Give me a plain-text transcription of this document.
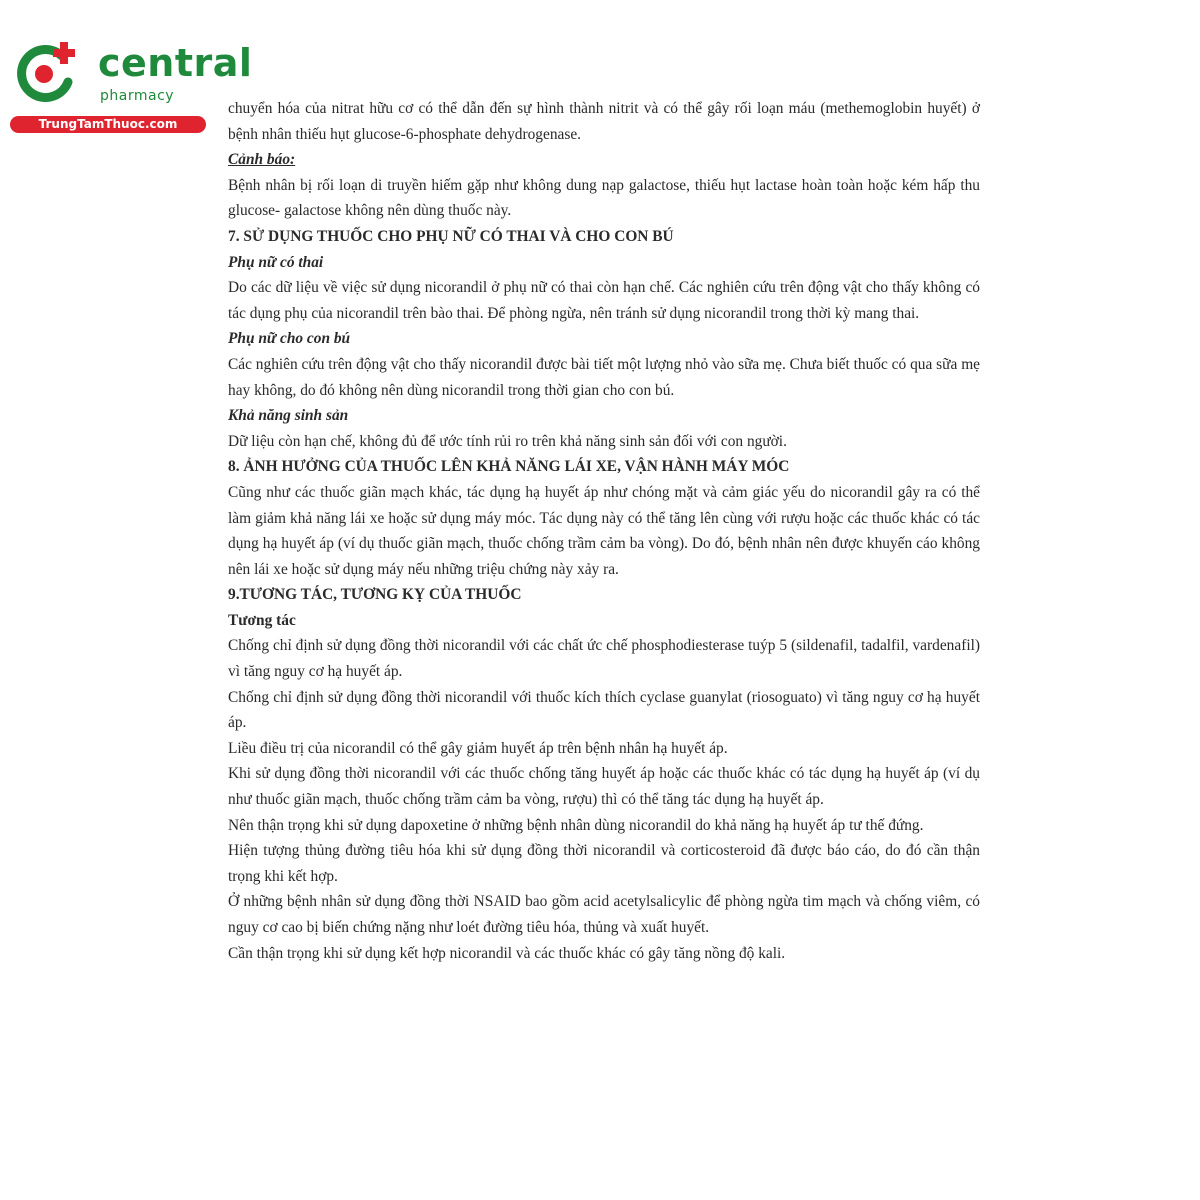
central
pharmacy
TrungTamThuoc.com

chuyển hóa của nitrat hữu cơ có thể dẫn đến sự hình thành nitrit và có thể gây rối loạn máu (methemoglobin huyết) ở bệnh nhân thiếu hụt glucose-6-phosphate dehydrogenase.

Cảnh báo:

Bệnh nhân bị rối loạn di truyền hiếm gặp như không dung nạp galactose, thiếu hụt lactase hoàn toàn hoặc kém hấp thu glucose- galactose không nên dùng thuốc này.

7. SỬ DỤNG THUỐC CHO PHỤ NỮ CÓ THAI VÀ CHO CON BÚ

Phụ nữ có thai

Do các dữ liệu về việc sử dụng nicorandil ở phụ nữ có thai còn hạn chế. Các nghiên cứu trên động vật cho thấy không có tác dụng phụ của nicorandil trên bào thai. Để phòng ngừa, nên tránh sử dụng nicorandil trong thời kỳ mang thai.

Phụ nữ cho con bú

Các nghiên cứu trên động vật cho thấy nicorandil được bài tiết một lượng nhỏ vào sữa mẹ. Chưa biết thuốc có qua sữa mẹ hay không, do đó không nên dùng nicorandil trong thời gian cho con bú.

Khả năng sinh sản

Dữ liệu còn hạn chế, không đủ để ước tính rủi ro trên khả năng sinh sản đối với con người.

8. ẢNH HƯỞNG CỦA THUỐC LÊN KHẢ NĂNG LÁI XE, VẬN HÀNH MÁY MÓC

Cũng như các thuốc giãn mạch khác, tác dụng hạ huyết áp như chóng mặt và cảm giác yếu do nicorandil gây ra có thể làm giảm khả năng lái xe hoặc sử dụng máy móc. Tác dụng này có thể tăng lên cùng với rượu hoặc các thuốc khác có tác dụng hạ huyết áp (ví dụ thuốc giãn mạch, thuốc chống trầm cảm ba vòng). Do đó, bệnh nhân nên được khuyến cáo không nên lái xe hoặc sử dụng máy nếu những triệu chứng này xảy ra.

9.TƯƠNG TÁC, TƯƠNG KỴ CỦA THUỐC

Tương tác

Chống chỉ định sử dụng đồng thời nicorandil với các chất ức chế phosphodiesterase tuýp 5 (sildenafil, tadalfil, vardenafil) vì tăng nguy cơ hạ huyết áp.

Chống chỉ định sử dụng đồng thời nicorandil với thuốc kích thích cyclase guanylat (riosoguato) vì tăng nguy cơ hạ huyết áp.

Liều điều trị của nicorandil có thể gây giảm huyết áp trên bệnh nhân hạ huyết áp.

Khi sử dụng đồng thời nicorandil với các thuốc chống tăng huyết áp hoặc các thuốc khác có tác dụng hạ huyết áp (ví dụ như thuốc giãn mạch, thuốc chống trầm cảm ba vòng, rượu) thì có thể tăng tác dụng hạ huyết áp.

Nên thận trọng khi sử dụng dapoxetine ở những bệnh nhân dùng nicorandil do khả năng hạ huyết áp tư thế đứng.

Hiện tượng thủng đường tiêu hóa khi sử dụng đồng thời nicorandil và corticosteroid đã được báo cáo, do đó cần thận trọng khi kết hợp.

Ở những bệnh nhân sử dụng đồng thời NSAID bao gồm acid acetylsalicylic để phòng ngừa tim mạch và chống viêm, có nguy cơ cao bị biến chứng nặng như loét đường tiêu hóa, thủng và xuất huyết.

Cần thận trọng khi sử dụng kết hợp nicorandil và các thuốc khác có gây tăng nồng độ kali.
